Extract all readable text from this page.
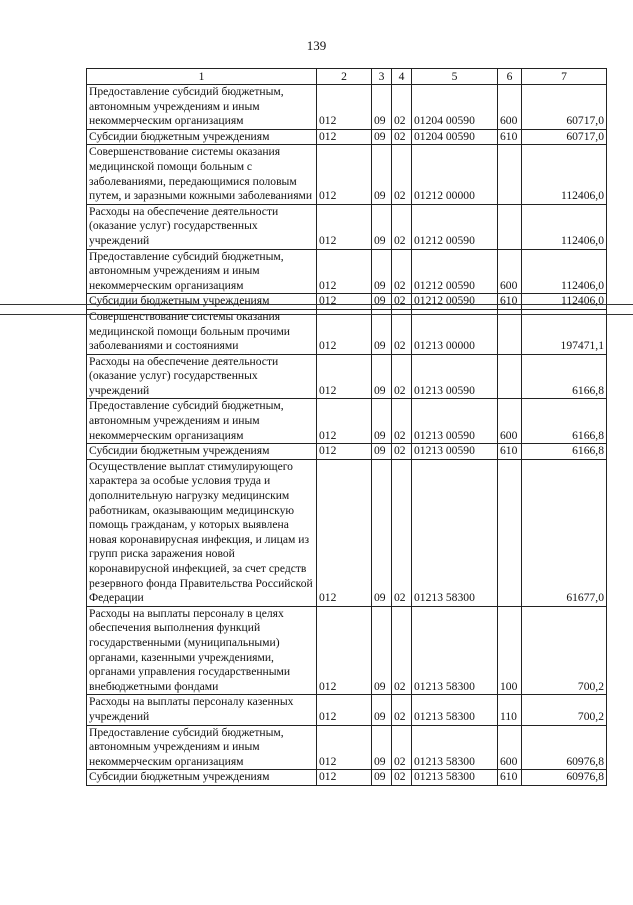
139
1	2	3	4	5	6	7
Предоставление субсидий бюджетным, автономным учреждениям и иным некоммерческим организациям	012	09	02	01204 00590	600	60717,0
Субсидии бюджетным учреждениям	012	09	02	01204 00590	610	60717,0
Совершенствование системы оказания медицинской помощи больным с заболеваниями, передающимися половым путем, и заразными кожными заболеваниями	012	09	02	01212 00000		112406,0
Расходы на обеспечение деятельности (оказание услуг) государственных учреждений	012	09	02	01212 00590		112406,0
Предоставление субсидий бюджетным, автономным учреждениям и иным некоммерческим организациям	012	09	02	01212 00590	600	112406,0
Субсидии бюджетным учреждениям	012	09	02	01212 00590	610	112406,0
Совершенствование системы оказания медицинской помощи больным прочими заболеваниями и состояниями	012	09	02	01213 00000		197471,1
Расходы на обеспечение деятельности (оказание услуг) государственных учреждений	012	09	02	01213 00590		6166,8
Предоставление субсидий бюджетным, автономным учреждениям и иным некоммерческим организациям	012	09	02	01213 00590	600	6166,8
Субсидии бюджетным учреждениям	012	09	02	01213 00590	610	6166,8
Осуществление выплат стимулирующего характера за особые условия труда и дополнительную нагрузку медицинским работникам, оказывающим медицинскую помощь гражданам, у которых выявлена новая коронавирусная инфекция, и лицам из групп риска заражения новой коронавирусной инфекцией, за счет средств резервного фонда Правительства Российской Федерации	012	09	02	01213 58300		61677,0
Расходы на выплаты персоналу в целях обеспечения выполнения функций государственными (муниципальными) органами, казенными учреждениями, органами управления государственными внебюджетными фондами	012	09	02	01213 58300	100	700,2
Расходы на выплаты персоналу казенных учреждений	012	09	02	01213 58300	110	700,2
Предоставление субсидий бюджетным, автономным учреждениям и иным некоммерческим организациям	012	09	02	01213 58300	600	60976,8
Субсидии бюджетным учреждениям	012	09	02	01213 58300	610	60976,8
